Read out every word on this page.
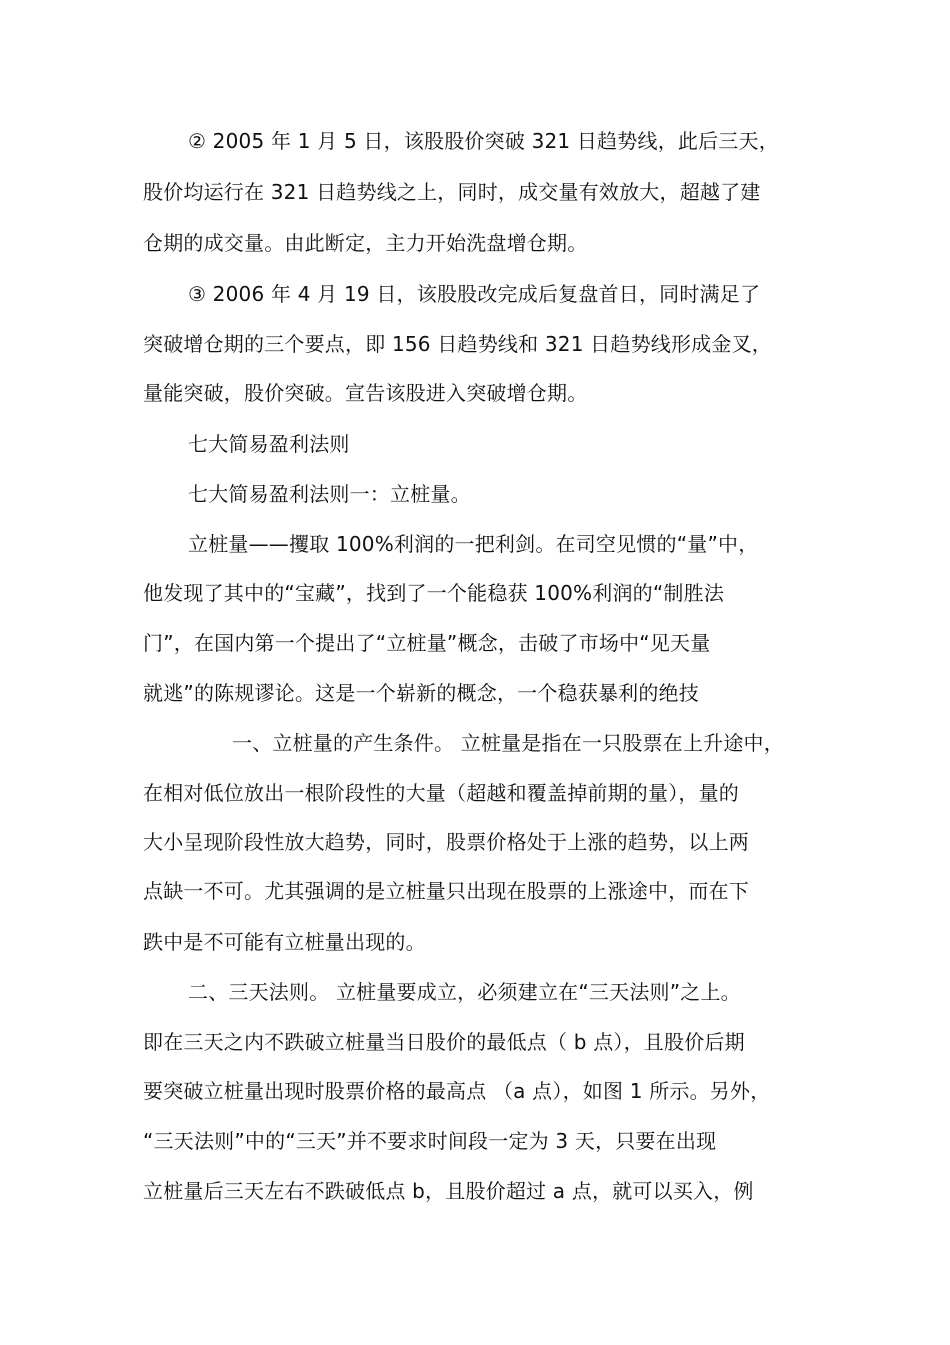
② 2005 年 1 月 5 日，该股股价突破 321 日趋势线，此后三天，
股价均运行在 321 日趋势线之上，同时，成交量有效放大，超越了建
仓期的成交量。由此断定，主力开始洗盘增仓期。
③ 2006 年 4 月 19 日，该股股改完成后复盘首日，同时满足了
突破增仓期的三个要点，即 156 日趋势线和 321 日趋势线形成金叉，
量能突破，股价突破。宣告该股进入突破增仓期。
七大简易盈利法则
七大简易盈利法则一：立桩量。
立桩量——攫取 100%利润的一把利剑。在司空见惯的“量”中，
他发现了其中的“宝藏”，找到了一个能稳获 100%利润的“制胜法
门”，在国内第一个提出了“立桩量”概念，击破了市场中“见天量
就逃”的陈规谬论。这是一个崭新的概念，一个稳获暴利的绝技
一、立桩量的产生条件。 立桩量是指在一只股票在上升途中，
在相对低位放出一根阶段性的大量（超越和覆盖掉前期的量），量的
大小呈现阶段性放大趋势，同时，股票价格处于上涨的趋势，以上两
点缺一不可。尤其强调的是立桩量只出现在股票的上涨途中，而在下
跌中是不可能有立桩量出现的。
二、三天法则。 立桩量要成立，必须建立在“三天法则”之上。
即在三天之内不跌破立桩量当日股价的最低点（ b 点），且股价后期
要突破立桩量出现时股票价格的最高点 （a 点），如图 1 所示。另外，
“三天法则”中的“三天”并不要求时间段一定为 3 天，只要在出现
立桩量后三天左右不跌破低点 b，且股价超过 a 点，就可以买入，例
